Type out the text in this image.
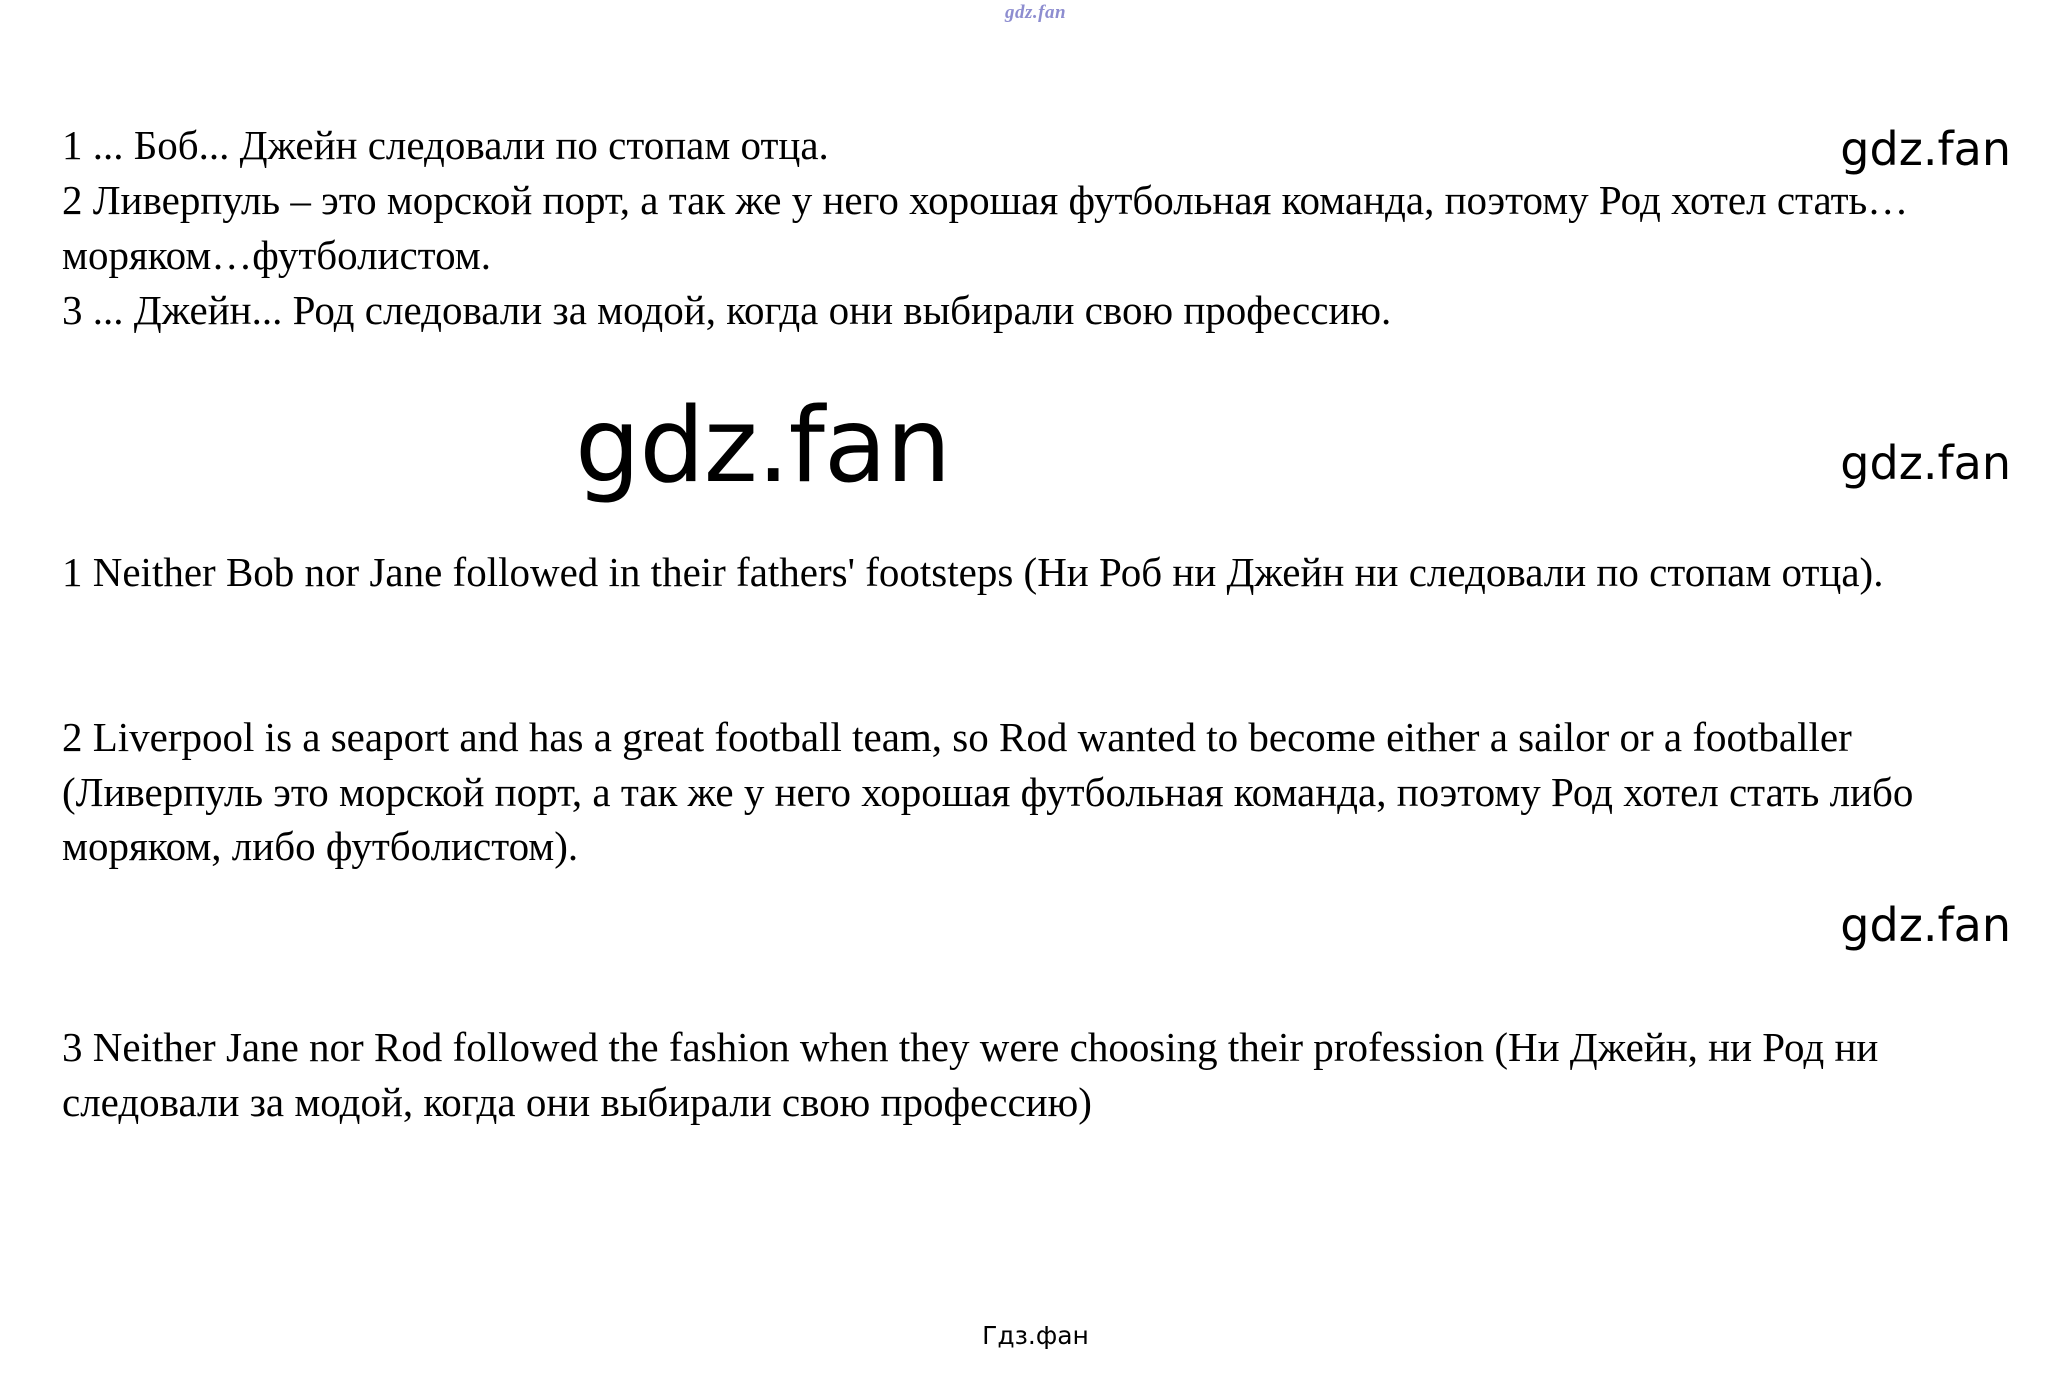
gdz.fan
1 ... Боб... Джейн следовали по стопам отца.
2 Ливерпуль – это морской порт, а так же у него хорошая футбольная команда, поэтому Род хотел стать…моряком…футболистом.
3 ... Джейн... Род следовали за модой, когда они выбирали свою профессию.
gdz.fan
gdz.fan	gdz.fan
1 Neither Bob nor Jane followed in their fathers' footsteps (Ни Роб ни Джейн ни следовали по стопам отца).
2 Liverpool is a seaport and has a great football team, so Rod wanted to become either a sailor or a footballer (Ливерпуль это морской порт, а так же у него хорошая футбольная команда, поэтому Род хотел стать либо моряком, либо футболистом).
gdz.fan
3 Neither Jane nor Rod followed the fashion when they were choosing their profession (Ни Джейн, ни Род ни следовали за модой, когда они выбирали свою профессию)
Гдз.фан
